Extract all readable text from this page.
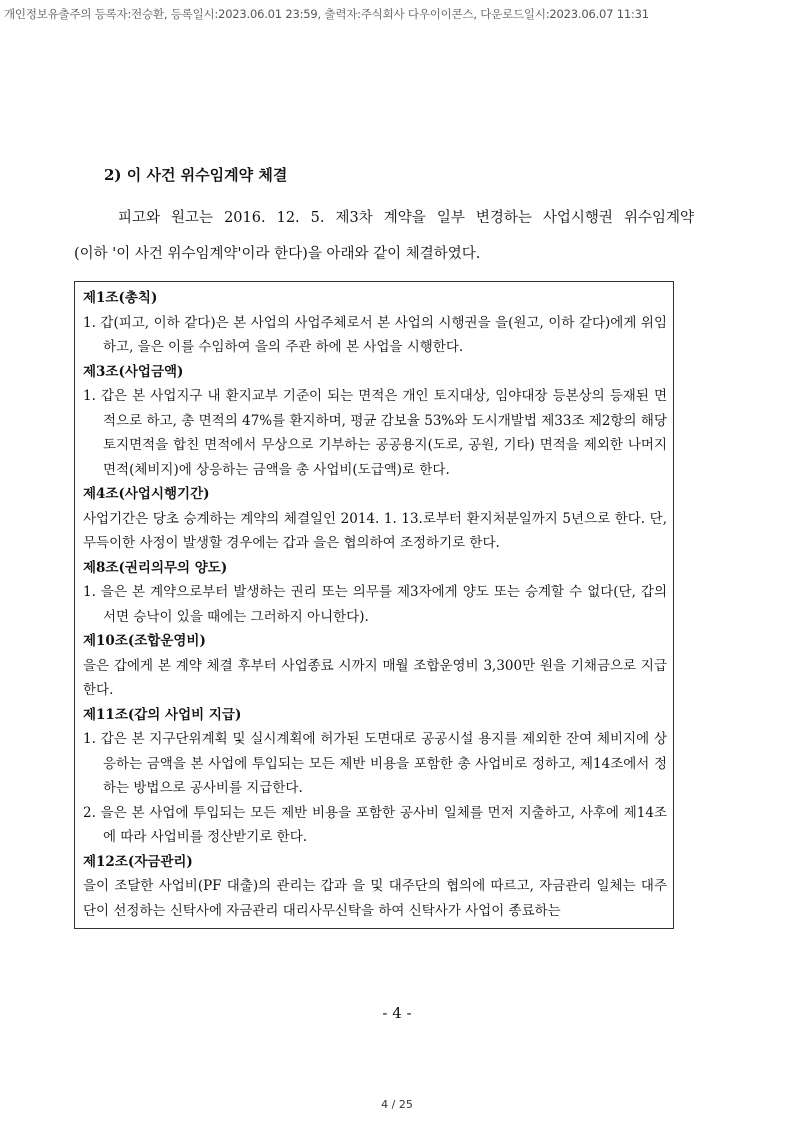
개인정보유출주의 등록자:전승환, 등록일시:2023.06.01 23:59, 출력자:주식회사 다우이이콘스, 다운로드일시:2023.06.07 11:31
2) 이 사건 위수임계약 체결
피고와 원고는 2016. 12. 5. 제3차 계약을 일부 변경하는 사업시행권 위수임계약
(이하 '이 사건 위수임계약'이라 한다)을 아래와 같이 체결하였다.

제1조(총칙)

1. 갑(피고, 이하 같다)은 본 사업의 사업주체로서 본 사업의 시행권을 을(원고, 이하 같다)에게 위임하고, 을은 이를 수임하여 을의 주관 하에 본 사업을 시행한다.

제3조(사업금액)

1. 갑은 본 사업지구 내 환지교부 기준이 되는 면적은 개인 토지대상, 임야대장 등본상의 등재된 면적으로 하고, 총 면적의 47%를 환지하며, 평균 감보율 53%와 도시개발법 제33조 제2항의 해당 토지면적을 합친 면적에서 무상으로 기부하는 공공용지(도로, 공원, 기타) 면적을 제외한 나머지 면적(체비지)에 상응하는 금액을 총 사업비(도급액)로 한다.

제4조(사업시행기간)

사업기간은 당초 승계하는 계약의 체결일인 2014. 1. 13.로부터 환지처분일까지 5년으로 한다. 단, 무득이한 사정이 발생할 경우에는 갑과 을은 협의하여 조정하기로 한다.

제8조(권리의무의 양도)

1. 을은 본 계약으로부터 발생하는 권리 또는 의무를 제3자에게 양도 또는 승계할 수 없다(단, 갑의 서면 승낙이 있을 때에는 그러하지 아니한다).

제10조(조합운영비)

을은 갑에게 본 계약 체결 후부터 사업종료 시까지 매월 조합운영비 3,300만 원을 기채금으로 지급한다.

제11조(갑의 사업비 지급)

1. 갑은 본 지구단위계획 및 실시계획에 허가된 도면대로 공공시설 용지를 제외한 잔여 체비지에 상응하는 금액을 본 사업에 투입되는 모든 제반 비용을 포함한 총 사업비로 정하고, 제14조에서 정하는 방법으로 공사비를 지급한다.

2. 을은 본 사업에 투입되는 모든 제반 비용을 포함한 공사비 일체를 먼저 지출하고, 사후에 제14조에 따라 사업비를 정산받기로 한다.

제12조(자금관리)

을이 조달한 사업비(PF 대출)의 관리는 갑과 을 및 대주단의 협의에 따르고, 자금관리 일체는 대주단이 선정하는 신탁사에 자금관리 대리사무신탁을 하여 신탁사가 사업이 종료하는

- 4 -
4 / 25
